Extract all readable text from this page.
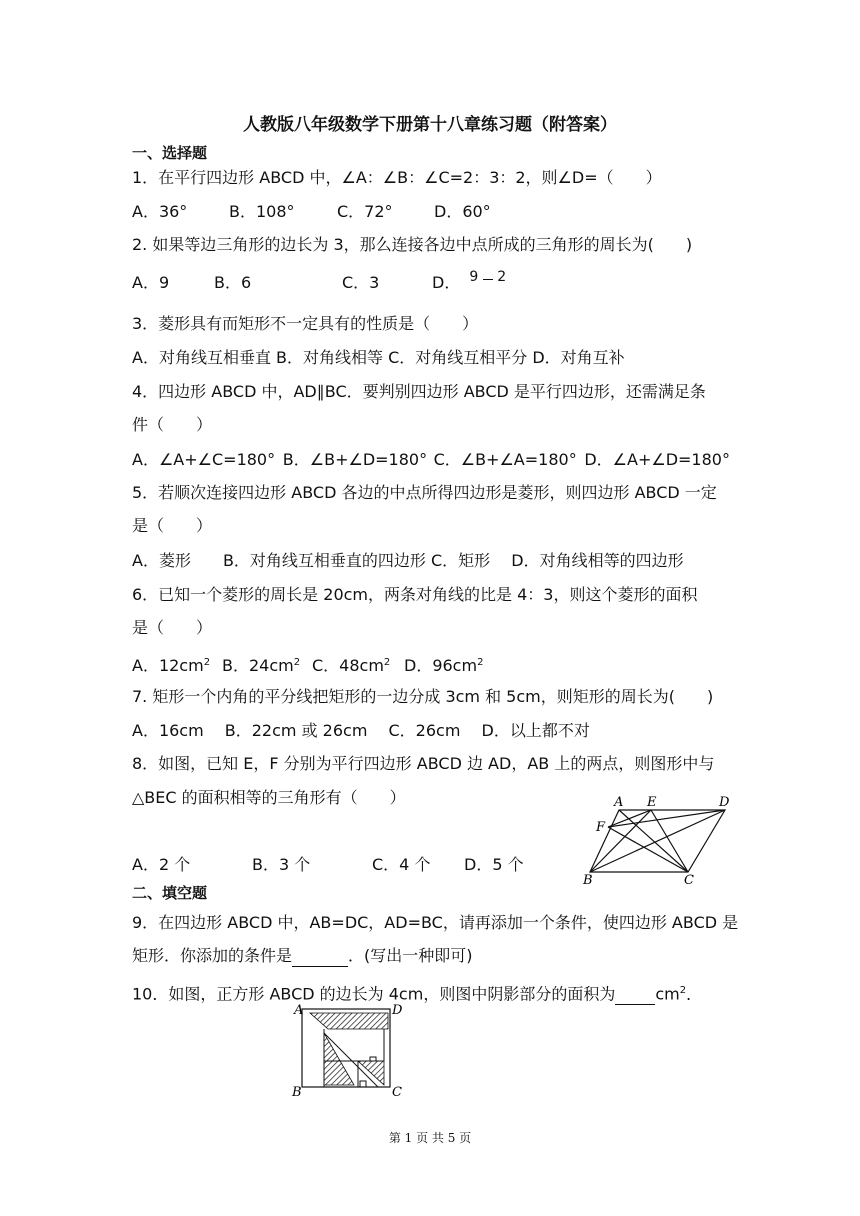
人教版八年级数学下册第十八章练习题（附答案）
一、选择题
1．在平行四边形 ABCD 中，∠A：∠B：∠C=2：3：2，则∠D=（　　）
A．36°	B．108°	C．72°	D．60°
2. 如果等边三角形的边长为 3，那么连接各边中点所成的三角形的周长为(　　)
A．9	B．6	C．3	D． 9 2
3．菱形具有而矩形不一定具有的性质是（　　）
A．对角线互相垂直 B．对角线相等 C．对角线互相平分 D．对角互补
4．四边形 ABCD 中，AD∥BC．要判别四边形 ABCD 是平行四边形，还需满足条
件（　　）
A．∠A+∠C=180° B．∠B+∠D=180° C．∠B+∠A=180° D．∠A+∠D=180°
5．若顺次连接四边形 ABCD 各边的中点所得四边形是菱形，则四边形 ABCD 一定
是（　　）
A．菱形　　B．对角线互相垂直的四边形 C．矩形　 D．对角线相等的四边形
6．已知一个菱形的周长是 20cm，两条对角线的比是 4：3，则这个菱形的面积
是（　　）
A．$12cm^2$ B．$24cm^2$ C．$48cm^2$ D．$96cm^2$
7. 矩形一个内角的平分线把矩形的一边分成 3cm 和 5cm，则矩形的周长为(　　)
A．16cm　 B．22cm 或 26cm　 C．26cm　 D．以上都不对
8．如图，已知 E，F 分别为平行四边形 ABCD 边 AD，AB 上的两点，则图形中与
△BEC 的面积相等的三角形有（　　）
A．2 个	B．3 个	C．4 个	D．5 个
A E	D
F
B	C
二、填空题
9．在四边形 ABCD 中，AB=DC，AD=BC，请再添加一个条件，使四边形 ABCD 是
矩形．你添加的条件是	．(写出一种即可)
10．如图，正方形 ABCD 的边长为 4cm，则图中阴影部分的面积为	$cm^2$．
A	D
B	C
第 1 页 共 5 页
